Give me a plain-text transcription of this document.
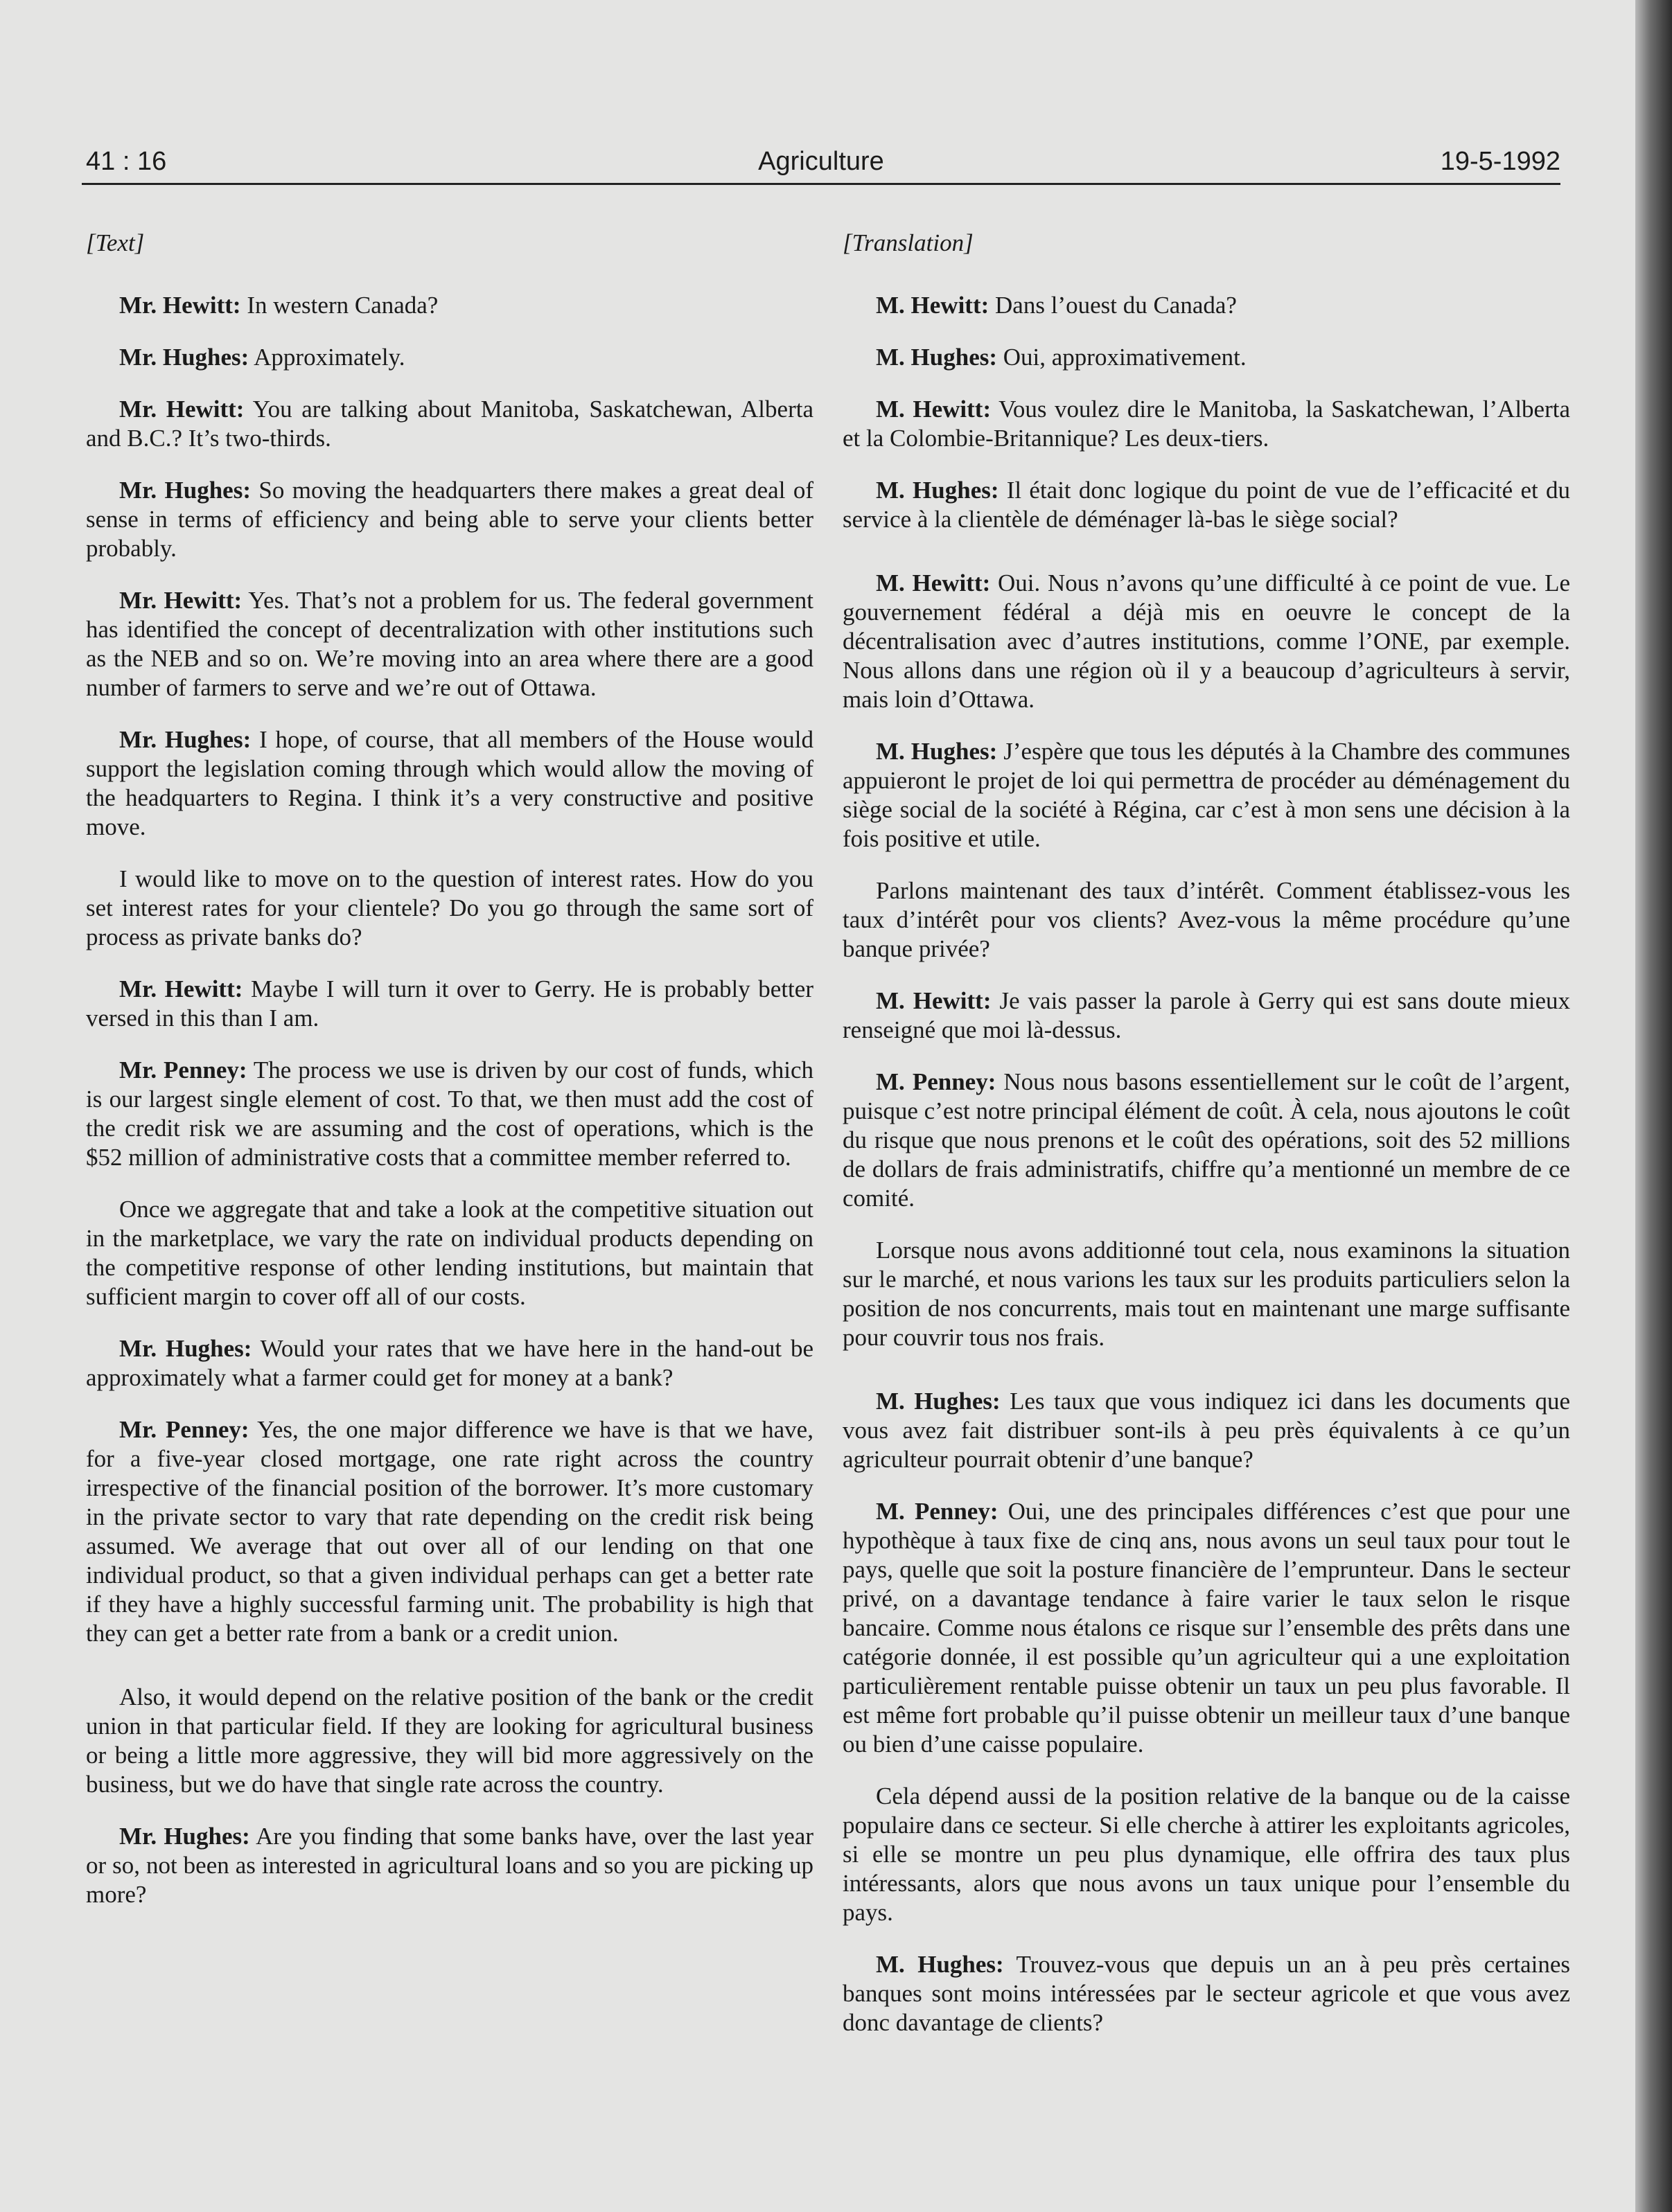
41 : 16	Agriculture	19-5-1992

[Text]

Mr. Hewitt: In western Canada?

Mr. Hughes: Approximately.

Mr. Hewitt: You are talking about Manitoba, Saskatchewan, Alberta and B.C.? It’s two-thirds.

Mr. Hughes: So moving the headquarters there makes a great deal of sense in terms of efficiency and being able to serve your clients better probably.

Mr. Hewitt: Yes. That’s not a problem for us. The federal government has identified the concept of decentralization with other institutions such as the NEB and so on. We’re moving into an area where there are a good number of farmers to serve and we’re out of Ottawa.

Mr. Hughes: I hope, of course, that all members of the House would support the legislation coming through which would allow the moving of the headquarters to Regina. I think it’s a very constructive and positive move.

I would like to move on to the question of interest rates. How do you set interest rates for your clientele? Do you go through the same sort of process as private banks do?

Mr. Hewitt: Maybe I will turn it over to Gerry. He is probably better versed in this than I am.

Mr. Penney: The process we use is driven by our cost of funds, which is our largest single element of cost. To that, we then must add the cost of the credit risk we are assuming and the cost of operations, which is the $52 million of administrative costs that a committee member referred to.

Once we aggregate that and take a look at the competitive situation out in the marketplace, we vary the rate on individual products depending on the competitive response of other lending institutions, but maintain that sufficient margin to cover off all of our costs.

Mr. Hughes: Would your rates that we have here in the hand-out be approximately what a farmer could get for money at a bank?

Mr. Penney: Yes, the one major difference we have is that we have, for a five-year closed mortgage, one rate right across the country irrespective of the financial position of the borrower. It’s more customary in the private sector to vary that rate depending on the credit risk being assumed. We average that out over all of our lending on that one individual product, so that a given individual perhaps can get a better rate if they have a highly successful farming unit. The probability is high that they can get a better rate from a bank or a credit union.

Also, it would depend on the relative position of the bank or the credit union in that particular field. If they are looking for agricultural business or being a little more aggressive, they will bid more aggressively on the business, but we do have that single rate across the country.

Mr. Hughes: Are you finding that some banks have, over the last year or so, not been as interested in agricultural loans and so you are picking up more?

[Translation]

M. Hewitt: Dans l’ouest du Canada?

M. Hughes: Oui, approximativement.

M. Hewitt: Vous voulez dire le Manitoba, la Saskatchewan, l’Alberta et la Colombie-Britannique? Les deux-tiers.

M. Hughes: Il était donc logique du point de vue de l’efficacité et du service à la clientèle de déménager là-bas le siège social?

M. Hewitt: Oui. Nous n’avons qu’une difficulté à ce point de vue. Le gouvernement fédéral a déjà mis en oeuvre le concept de la décentralisation avec d’autres institutions, comme l’ONE, par exemple. Nous allons dans une région où il y a beaucoup d’agriculteurs à servir, mais loin d’Ottawa.

M. Hughes: J’espère que tous les députés à la Chambre des communes appuieront le projet de loi qui permettra de procéder au déménagement du siège social de la société à Régina, car c’est à mon sens une décision à la fois positive et utile.

Parlons maintenant des taux d’intérêt. Comment établissez-vous les taux d’intérêt pour vos clients? Avez-vous la même procédure qu’une banque privée?

M. Hewitt: Je vais passer la parole à Gerry qui est sans doute mieux renseigné que moi là-dessus.

M. Penney: Nous nous basons essentiellement sur le coût de l’argent, puisque c’est notre principal élément de coût. À cela, nous ajoutons le coût du risque que nous prenons et le coût des opérations, soit des 52 millions de dollars de frais administratifs, chiffre qu’a mentionné un membre de ce comité.

Lorsque nous avons additionné tout cela, nous examinons la situation sur le marché, et nous varions les taux sur les produits particuliers selon la position de nos concurrents, mais tout en maintenant une marge suffisante pour couvrir tous nos frais.

M. Hughes: Les taux que vous indiquez ici dans les documents que vous avez fait distribuer sont-ils à peu près équivalents à ce qu’un agriculteur pourrait obtenir d’une banque?

M. Penney: Oui, une des principales différences c’est que pour une hypothèque à taux fixe de cinq ans, nous avons un seul taux pour tout le pays, quelle que soit la posture financière de l’emprunteur. Dans le secteur privé, on a davantage tendance à faire varier le taux selon le risque bancaire. Comme nous étalons ce risque sur l’ensemble des prêts dans une catégorie donnée, il est possible qu’un agriculteur qui a une exploitation particulièrement rentable puisse obtenir un taux un peu plus favorable. Il est même fort probable qu’il puisse obtenir un meilleur taux d’une banque ou bien d’une caisse populaire.

Cela dépend aussi de la position relative de la banque ou de la caisse populaire dans ce secteur. Si elle cherche à attirer les exploitants agricoles, si elle se montre un peu plus dynamique, elle offrira des taux plus intéressants, alors que nous avons un taux unique pour l’ensemble du pays.

M. Hughes: Trouvez-vous que depuis un an à peu près certaines banques sont moins intéressées par le secteur agricole et que vous avez donc davantage de clients?
